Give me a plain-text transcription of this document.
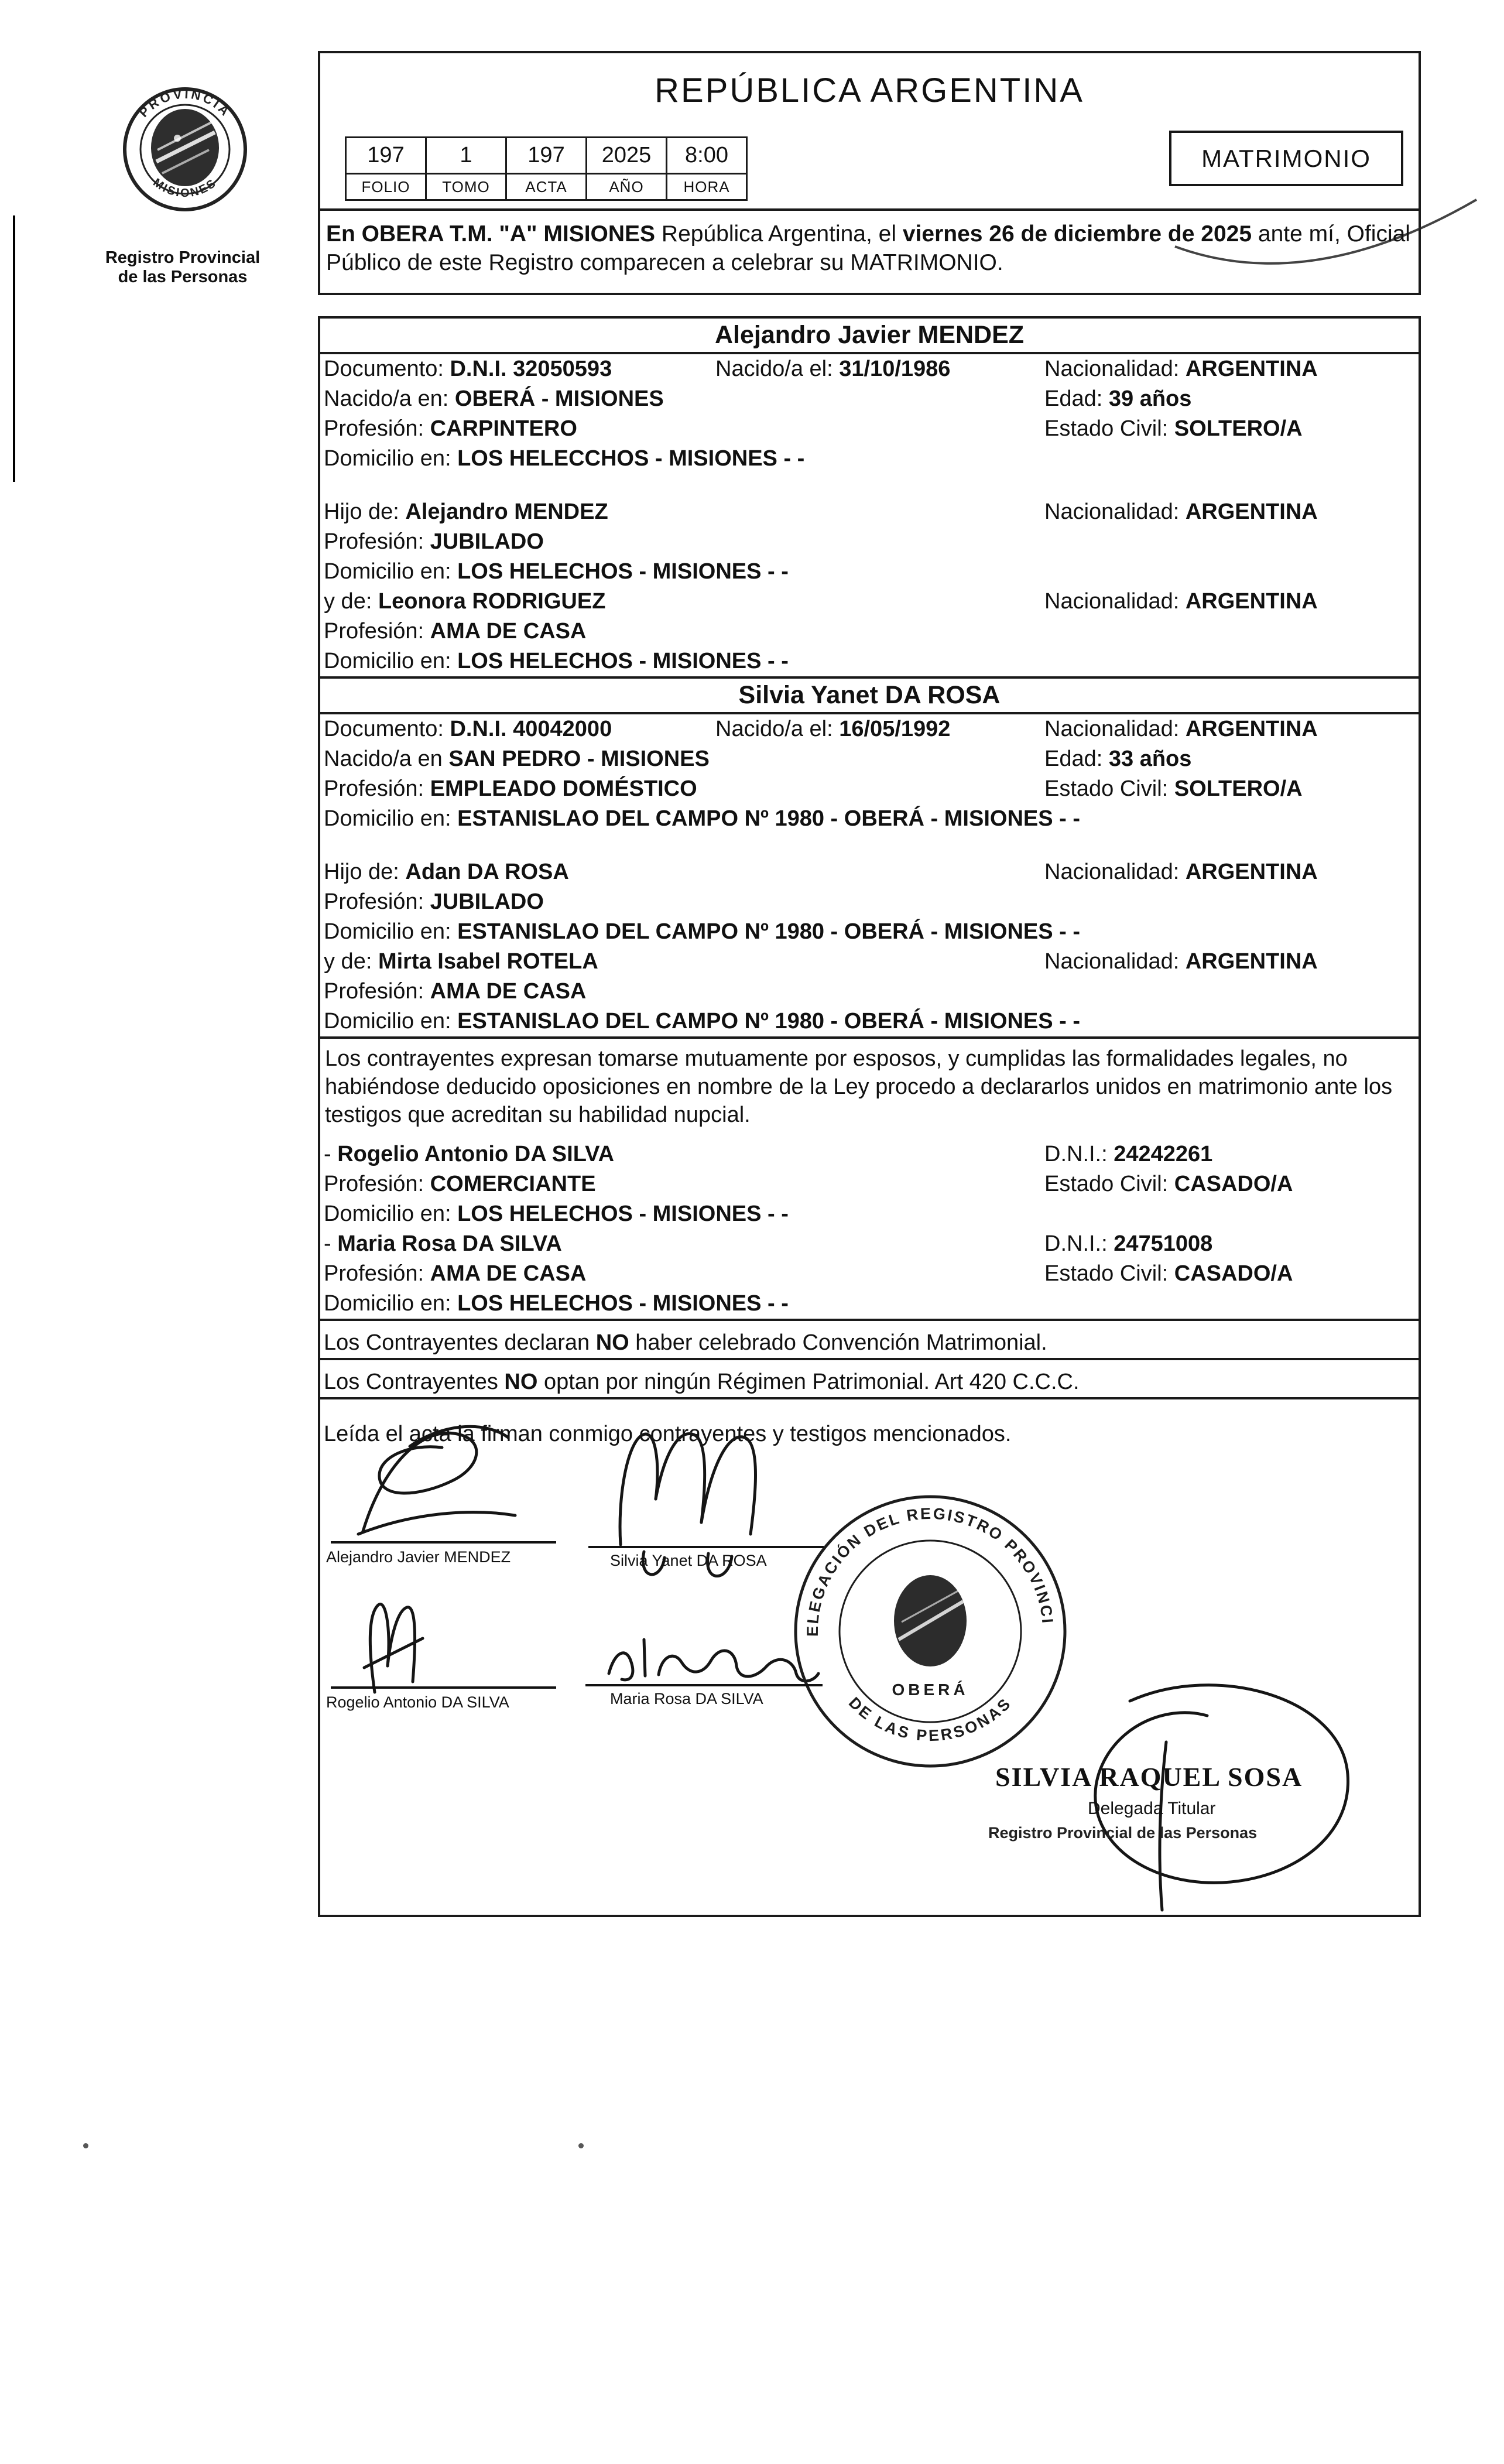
PROVINCIA
MISIONES
Registro Provincial
de las Personas
REPÚBLICA ARGENTINA
197	1	197	2025	8:00
FOLIO	TOMO	ACTA	AÑO	HORA
MATRIMONIO
En OBERA T.M. "A" MISIONES República Argentina, el viernes 26 de diciembre de 2025 ante mí, Oficial Público de este Registro comparecen a celebrar su MATRIMONIO.
Alejandro Javier MENDEZ
Documento: D.N.I. 32050593	Nacido/a el: 31/10/1986	Nacionalidad: ARGENTINA
Nacido/a en: OBERÁ - MISIONES	Edad: 39 años
Profesión: CARPINTERO	Estado Civil: SOLTERO/A
Domicilio en: LOS HELECCHOS - MISIONES - -
Hijo de: Alejandro MENDEZ	Nacionalidad: ARGENTINA
Profesión: JUBILADO
Domicilio en: LOS HELECHOS - MISIONES - -
y de: Leonora RODRIGUEZ	Nacionalidad: ARGENTINA
Profesión: AMA DE CASA
Domicilio en: LOS HELECHOS - MISIONES - -
Silvia Yanet DA ROSA
Documento: D.N.I. 40042000	Nacido/a el: 16/05/1992	Nacionalidad: ARGENTINA
Nacido/a en SAN PEDRO - MISIONES	Edad: 33 años
Profesión: EMPLEADO DOMÉSTICO	Estado Civil: SOLTERO/A
Domicilio en: ESTANISLAO DEL CAMPO Nº 1980 - OBERÁ - MISIONES - -
Hijo de: Adan DA ROSA	Nacionalidad: ARGENTINA
Profesión: JUBILADO
Domicilio en: ESTANISLAO DEL CAMPO Nº 1980 - OBERÁ - MISIONES - -
y de: Mirta Isabel ROTELA	Nacionalidad: ARGENTINA
Profesión: AMA DE CASA
Domicilio en: ESTANISLAO DEL CAMPO Nº 1980 - OBERÁ - MISIONES - -
Los contrayentes expresan tomarse mutuamente por esposos, y cumplidas las formalidades legales, no habiéndose deducido oposiciones en nombre de la Ley procedo a declararlos unidos en matrimonio ante los testigos que acreditan su habilidad nupcial.
- Rogelio Antonio DA SILVA	D.N.I.: 24242261
Profesión: COMERCIANTE	Estado Civil: CASADO/A
Domicilio en: LOS HELECHOS - MISIONES - -
- Maria Rosa DA SILVA	D.N.I.: 24751008
Profesión: AMA DE CASA	Estado Civil: CASADO/A
Domicilio en: LOS HELECHOS - MISIONES - -
Los Contrayentes declaran NO haber celebrado Convención Matrimonial.
Los Contrayentes NO optan por ningún Régimen Patrimonial. Art 420 C.C.C.
Leída el acta la firman conmigo contrayentes y testigos mencionados.
ELEGACIÓN DEL REGISTRO PROVINCI
DE LAS PERSONAS
OBERÁ
Alejandro Javier MENDEZ	Silvia Yanet DA ROSA
Rogelio Antonio DA SILVA	Maria Rosa DA SILVA
SILVIA RAQUEL SOSA
Delegada Titular
Registro Provincial de las Personas
